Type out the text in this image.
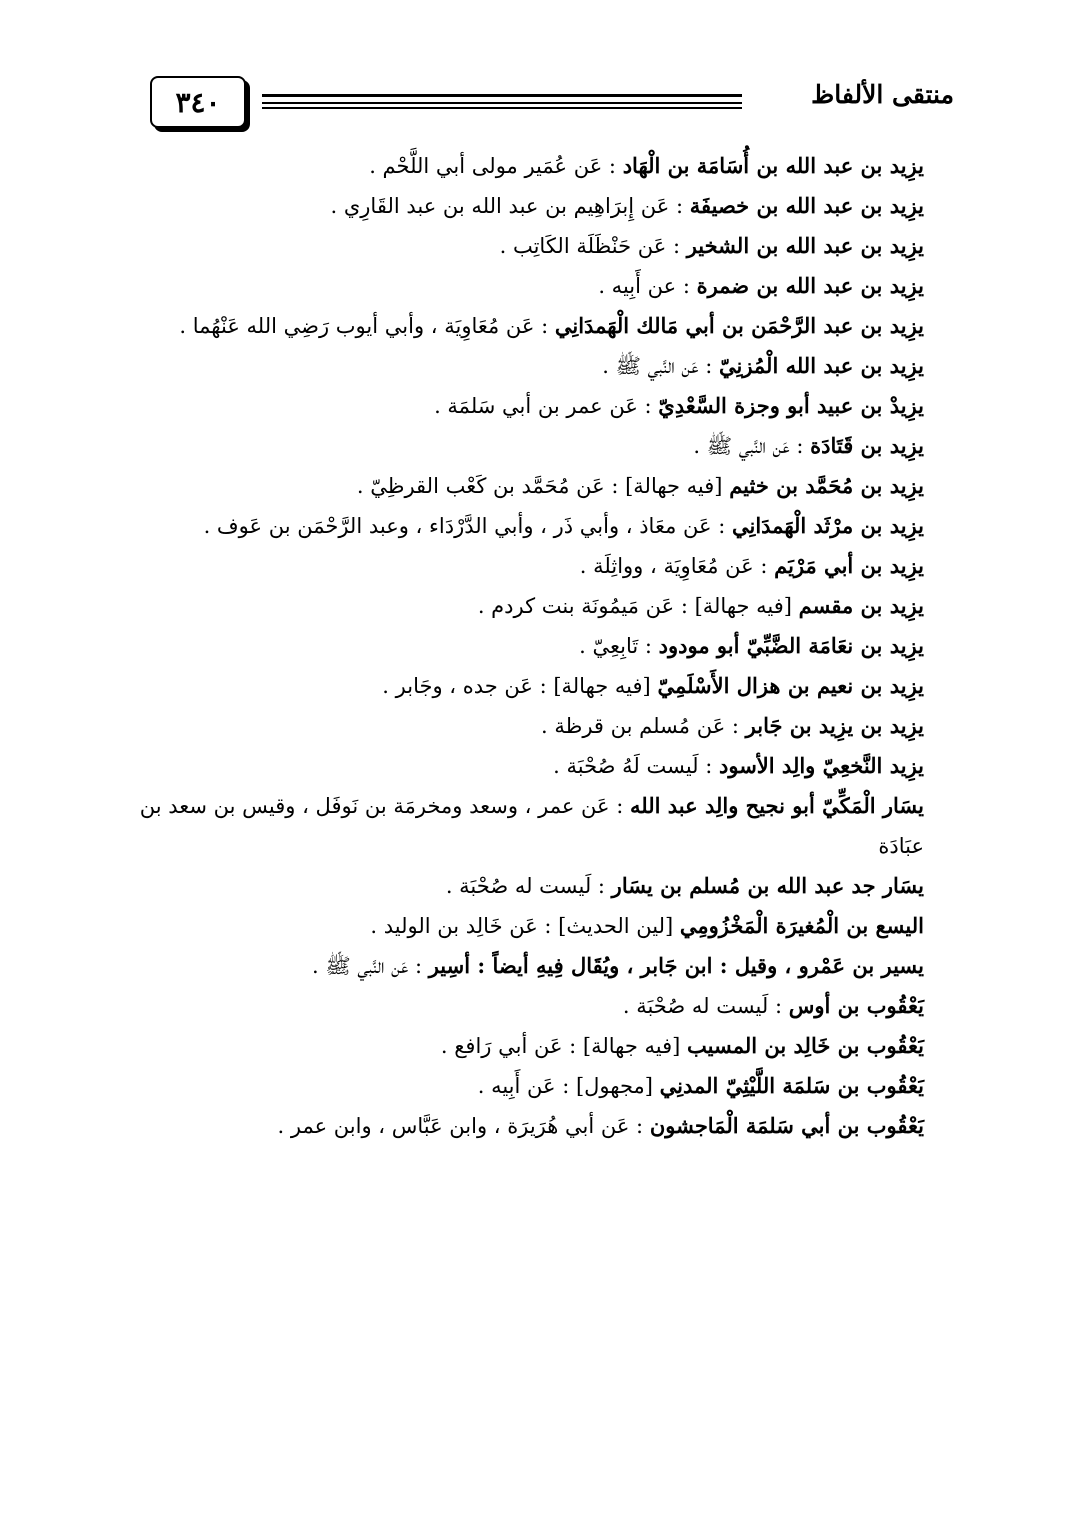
٣٤٠	منتقى الألفاظ
يزِيد بن عبد الله بن أُسَامَة بن الْهَاد : عَن عُمَير مولى أبي اللَّحْم .
يزِيد بن عبد الله بن خصيفَة : عَن إِبرَاهِيم بن عبد الله بن عبد القَارِي .
يزِيد بن عبد الله بن الشخير : عَن حَنْظَلَة الكَاتِب .
يزِيد بن عبد الله بن ضمرة : عن أَبِيه .
يزِيد بن عبد الرَّحْمَن بن أبي مَالك الْهَمدَانِي : عَن مُعَاوِيَة ، وأبي أيوب رَضِي الله عَنْهُما .
يزِيد بن عبد الله الْمُزنِيّ : عَن النَّبي ﷺ .
يزِيدْ بن عبيد أبو وجزة السَّعْدِيّ : عَن عمر بن أبي سَلمَة .
يزِيد بن قَتَادَة : عَن النَّبي ﷺ .
يزِيد بن مُحَمَّد بن خثيم [فيه جهالة] : عَن مُحَمَّد بن كَعْب القرظِيّ .
يزِيد بن مرْثَد الْهَمدَانِي : عَن معَاذ ، وأبي ذَر ، وأبي الدَّرْدَاء ، وعبد الرَّحْمَن بن عَوف .
يزِيد بن أبي مَرْيَم : عَن مُعَاوِيَة ، وواثِلَة .
يزِيد بن مقسم [فيه جهالة] : عَن مَيمُونَة بنت كردم .
يزِيد بن نعَامَة الضَّبِّيّ أبو مودود : تَابِعِيّ .
يزِيد بن نعيم بن هزال الأَسْلَمِيّ [فيه جهالة] : عَن جده ، وجَابر .
يزِيد بن يزِيد بن جَابر : عَن مُسلم بن قرظة .
يزِيد النَّخعِيّ والِد الأسود : لَيست لَهُ صُحْبَة .
يسَار الْمَكِّيّ أبو نجيح والِد عبد الله : عَن عمر ، وسعد ومخرمَة بن نَوفَل ، وقيس بن سعد بن عبَادَة
يسَار جد عبد الله بن مُسلم بن يسَار : لَيست له صُحْبَة .
اليسع بن الْمُغيرَة الْمَخْزُومِي [لين الحديث] : عَن خَالِد بن الوليد .
يسير بن عَمْرو ، وقيل : ابن جَابر ، ويُقَال فِيهِ أيضاً : أسِير : عَن النَّبي ﷺ .
يَعْقُوب بن أوس : لَيست له صُحْبَة .
يَعْقُوب بن خَالِد بن المسيب [فيه جهالة] : عَن أبي رَافع .
يَعْقُوب بن سَلمَة اللَّيْثِيّ المدنِي [مجهول] : عَن أَبِيه .
يَعْقُوب بن أبي سَلمَة الْمَاجشون : عَن أبي هُرَيرَة ، وابن عَبَّاس ، وابن عمر .
